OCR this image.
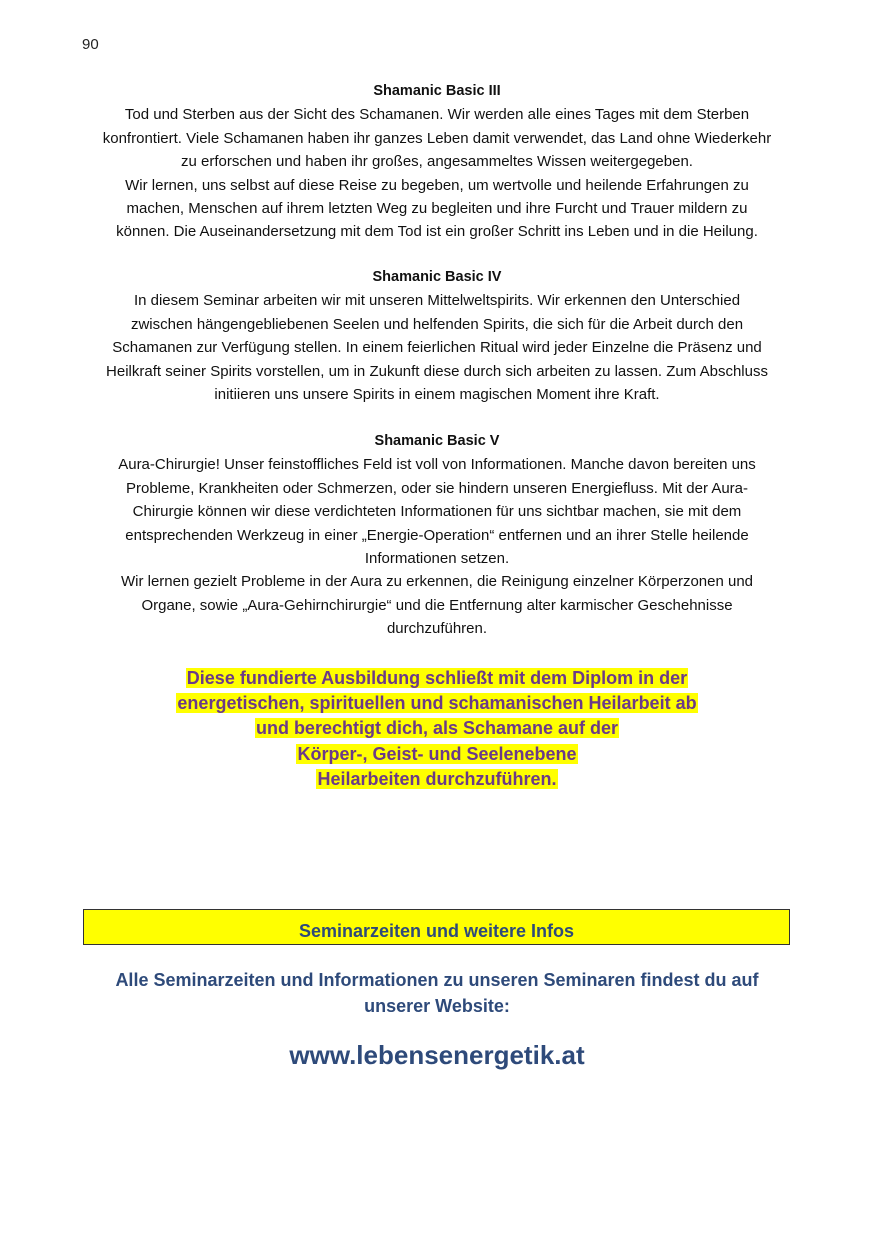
90
Shamanic Basic III

Tod und Sterben aus der Sicht des Schamanen. Wir werden alle eines Tages mit dem Sterben

konfrontiert. Viele Schamanen haben ihr ganzes Leben damit verwendet, das Land ohne Wiederkehr

zu erforschen und haben ihr großes, angesammeltes Wissen weitergegeben.

Wir lernen, uns selbst auf diese Reise zu begeben, um wertvolle und heilende Erfahrungen zu

machen, Menschen auf ihrem letzten Weg zu begleiten und ihre Furcht und Trauer mildern zu

können. Die Auseinandersetzung mit dem Tod ist ein großer Schritt ins Leben und in die Heilung.

Shamanic Basic IV

In diesem Seminar arbeiten wir mit unseren Mittelweltspirits. Wir erkennen den Unterschied

zwischen hängengebliebenen Seelen und helfenden Spirits, die sich für die Arbeit durch den

Schamanen zur Verfügung stellen. In einem feierlichen Ritual wird jeder Einzelne die Präsenz und

Heilkraft seiner Spirits vorstellen, um in Zukunft diese durch sich arbeiten zu lassen. Zum Abschluss

initiieren uns unsere Spirits in einem magischen Moment ihre Kraft.

Shamanic Basic V

Aura-Chirurgie! Unser feinstoffliches Feld ist voll von Informationen. Manche davon bereiten uns

Probleme, Krankheiten oder Schmerzen, oder sie hindern unseren Energiefluss. Mit der Aura-

Chirurgie können wir diese verdichteten Informationen für uns sichtbar machen, sie mit dem

entsprechenden Werkzeug in einer „Energie-Operation“ entfernen und an ihrer Stelle heilende

Informationen setzen.

Wir lernen gezielt Probleme in der Aura zu erkennen, die Reinigung einzelner Körperzonen und

Organe, sowie „Aura-Gehirnchirurgie“ und die Entfernung alter karmischer Geschehnisse

durchzuführen.

Diese fundierte Ausbildung schließt mit dem Diplom in der
energetischen, spirituellen und schamanischen Heilarbeit ab
und berechtigt dich, als Schamane auf der
Körper-, Geist- und Seelenebene
Heilarbeiten durchzuführen.
Seminarzeiten und weitere Infos
Alle Seminarzeiten und Informationen zu unseren Seminaren findest du auf
unserer Website:
www.lebensenergetik.at
